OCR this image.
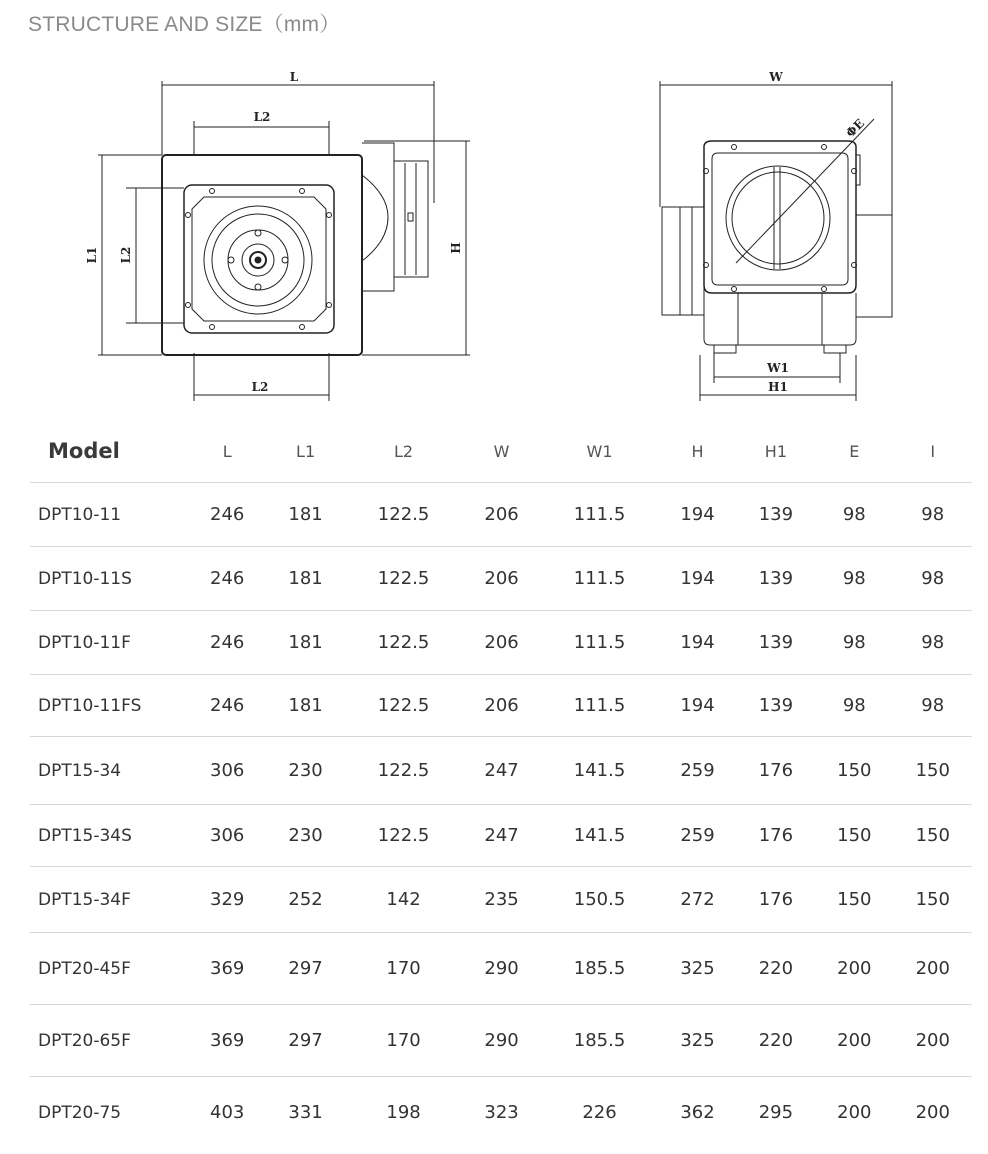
STRUCTURE AND SIZE（mm）
L
L2
L1 L2
L2
H
W
ΦE
W1
H1
Model	L	L1	L2	W	W1	H	H1	E	I
DPT10-11	246	181	122.5	206	111.5	194	139	98	98
DPT10-11S	246	181	122.5	206	111.5	194	139	98	98
DPT10-11F	246	181	122.5	206	111.5	194	139	98	98
DPT10-11FS	246	181	122.5	206	111.5	194	139	98	98
DPT15-34	306	230	122.5	247	141.5	259	176	150	150
DPT15-34S	306	230	122.5	247	141.5	259	176	150	150
DPT15-34F	329	252	142	235	150.5	272	176	150	150
DPT20-45F	369	297	170	290	185.5	325	220	200	200
DPT20-65F	369	297	170	290	185.5	325	220	200	200
DPT20-75	403	331	198	323	226	362	295	200	200
